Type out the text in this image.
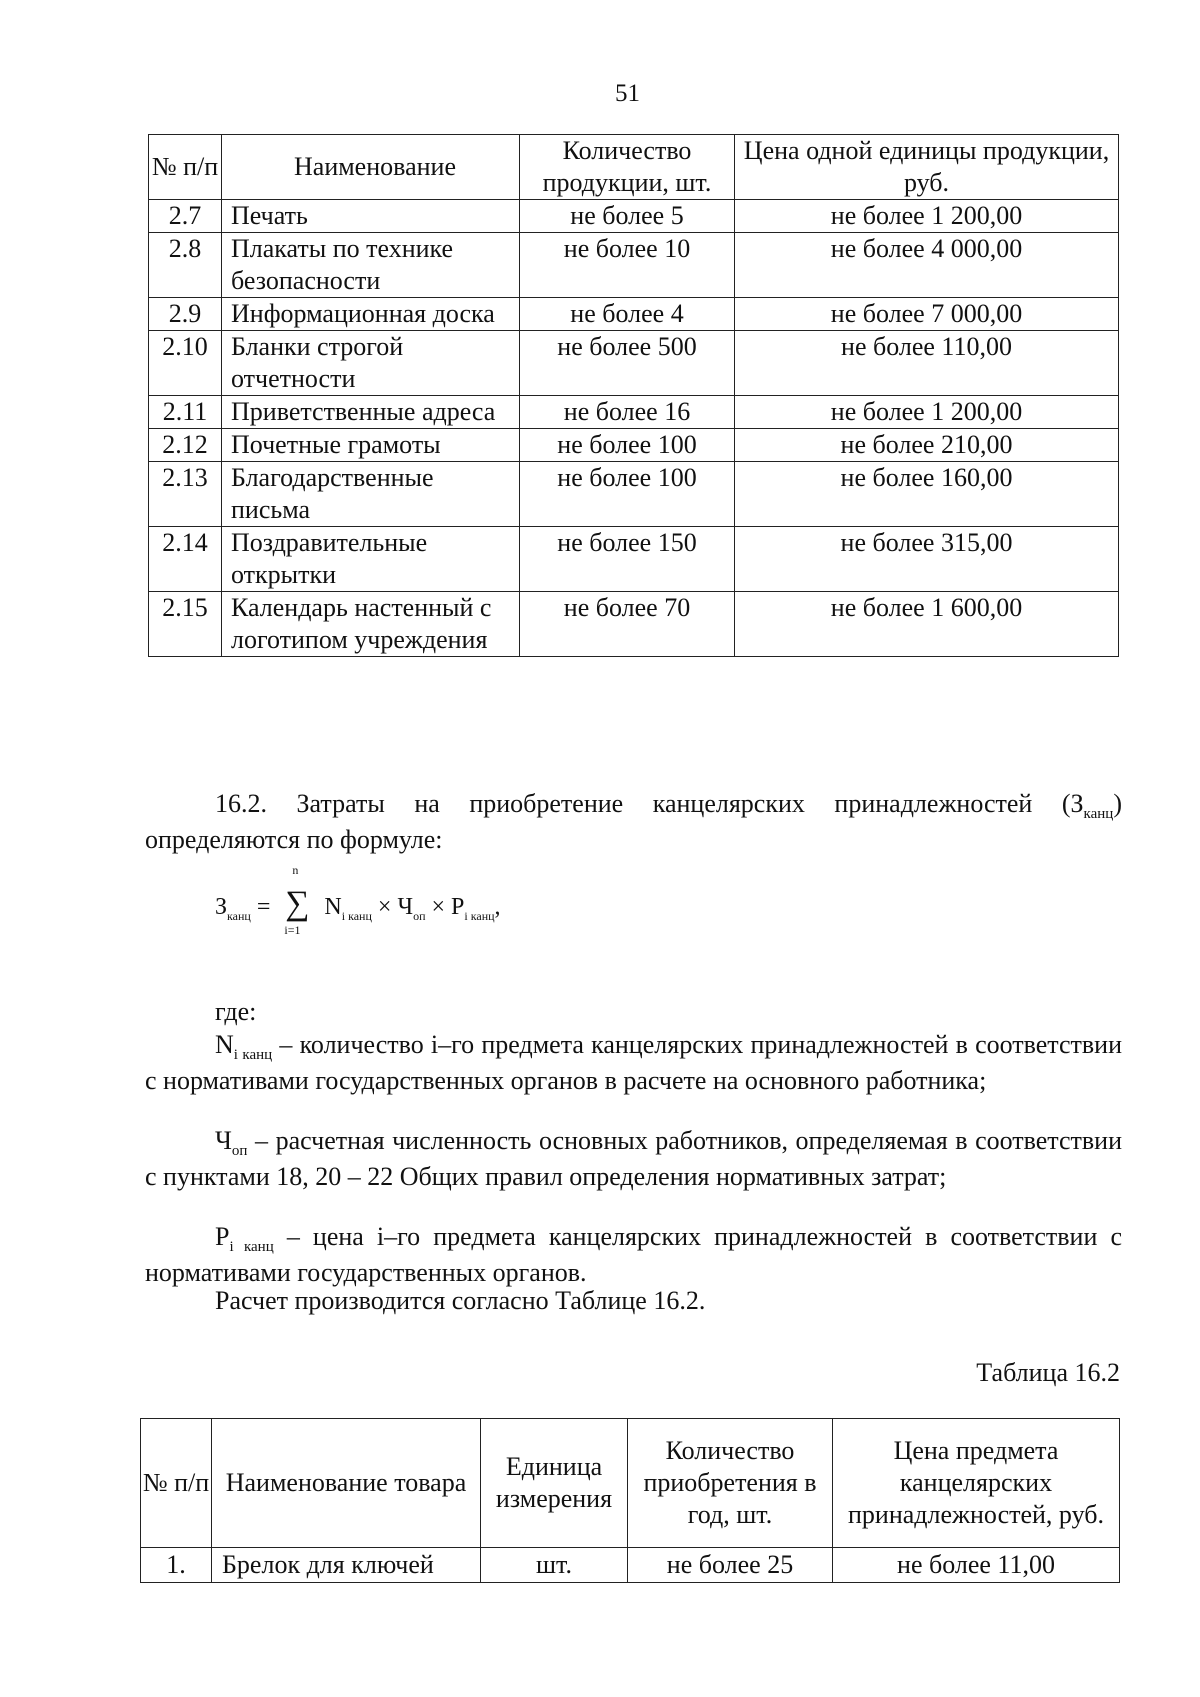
51
№ п/п	Наименование	Количество продукции, шт.	Цена одной единицы продукции, руб.
2.7	Печать	не более 5	не более 1 200,00
2.8	Плакаты по технике безопасности	не более 10	не более 4 000,00
2.9	Информационная доска	не более 4	не более 7 000,00
2.10	Бланки строгой отчетности	не более 500	не более 110,00
2.11	Приветственные адреса	не более 16	не более 1 200,00
2.12	Почетные грамоты	не более 100	не более 210,00
2.13	Благодарственные письма	не более 100	не более 160,00
2.14	Поздравительные открытки	не более 150	не более 315,00
2.15	Календарь настенный с логотипом учреждения	не более 70	не более 1 600,00
16.2. Затраты на приобретение канцелярских принадлежностей $(З_{канц})$ определяются по формуле:
$З_{канц}$ =
n
∑
i=1
$N_{i канц} \times Ч_{оп} \times P_{i канц}$,
где:
$N_{i канц}$ – количество i–го предмета канцелярских принадлежностей в соответствии с нормативами государственных органов в расчете на основного работника;
$Ч_{оп}$ – расчетная численность основных работников, определяемая в соответствии с пунктами 18, 20 – 22 Общих правил определения нормативных затрат;
$P_{i канц}$ – цена i–го предмета канцелярских принадлежностей в соответствии с нормативами государственных органов.
Расчет производится согласно Таблице 16.2.
Таблица 16.2
№ п/п	Наименование товара	Единица измерения	Количество приобретения в год, шт.	Цена предмета канцелярских принадлежностей, руб.
1.	Брелок для ключей	шт.	не более 25	не более 11,00
